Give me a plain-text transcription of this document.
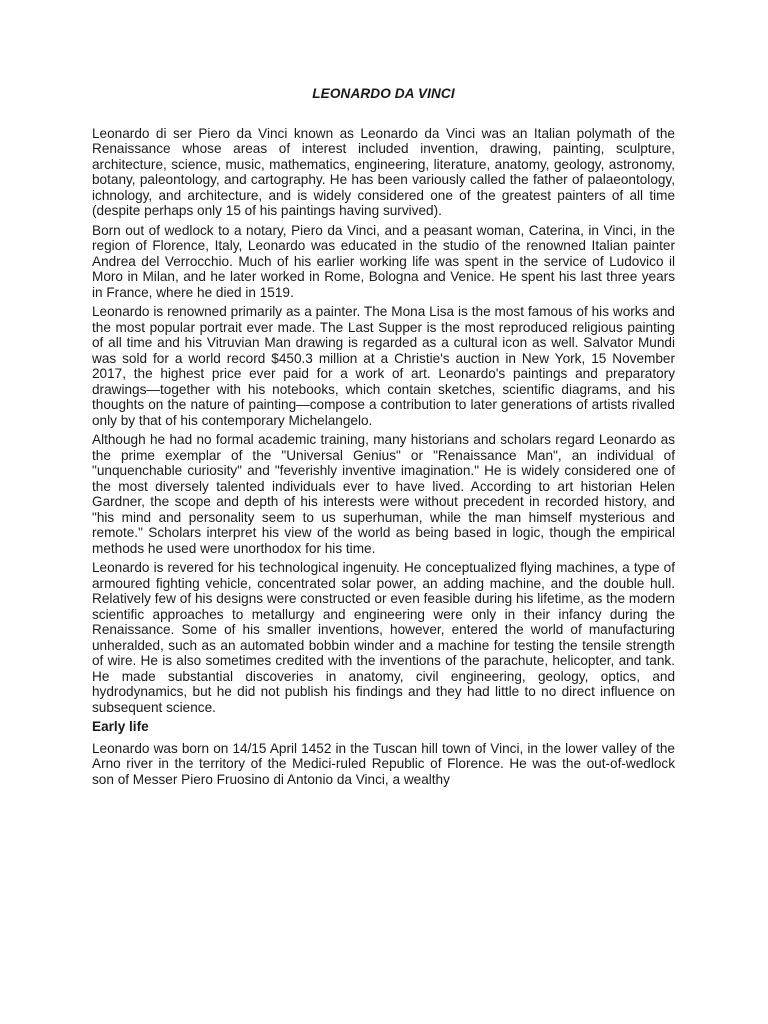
LEONARDO DA VINCI

Leonardo di ser Piero da Vinci known as Leonardo da Vinci was an Italian polymath of the Renaissance whose areas of interest included invention, drawing, painting, sculpture, architecture, science, music, mathematics, engineering, literature, anatomy, geology, astronomy, botany, paleontology, and cartography. He has been variously called the father of palaeontology, ichnology, and architecture, and is widely considered one of the greatest painters of all time (despite perhaps only 15 of his paintings having survived).

Born out of wedlock to a notary, Piero da Vinci, and a peasant woman, Caterina, in Vinci, in the region of Florence, Italy, Leonardo was educated in the studio of the renowned Italian painter Andrea del Verrocchio. Much of his earlier working life was spent in the service of Ludovico il Moro in Milan, and he later worked in Rome, Bologna and Venice. He spent his last three years in France, where he died in 1519.

Leonardo is renowned primarily as a painter. The Mona Lisa is the most famous of his works and the most popular portrait ever made. The Last Supper is the most reproduced religious painting of all time and his Vitruvian Man drawing is regarded as a cultural icon as well. Salvator Mundi was sold for a world record $450.3 million at a Christie's auction in New York, 15 November 2017, the highest price ever paid for a work of art. Leonardo's paintings and preparatory drawings—together with his notebooks, which contain sketches, scientific diagrams, and his thoughts on the nature of painting—compose a contribution to later generations of artists rivalled only by that of his contemporary Michelangelo.

Although he had no formal academic training, many historians and scholars regard Leonardo as the prime exemplar of the "Universal Genius" or "Renaissance Man", an individual of "unquenchable curiosity" and "feverishly inventive imagination." He is widely considered one of the most diversely talented individuals ever to have lived. According to art historian Helen Gardner, the scope and depth of his interests were without precedent in recorded history, and "his mind and personality seem to us superhuman, while the man himself mysterious and remote." Scholars interpret his view of the world as being based in logic, though the empirical methods he used were unorthodox for his time.

Leonardo is revered for his technological ingenuity. He conceptualized flying machines, a type of armoured fighting vehicle, concentrated solar power, an adding machine, and the double hull. Relatively few of his designs were constructed or even feasible during his lifetime, as the modern scientific approaches to metallurgy and engineering were only in their infancy during the Renaissance. Some of his smaller inventions, however, entered the world of manufacturing unheralded, such as an automated bobbin winder and a machine for testing the tensile strength of wire. He is also sometimes credited with the inventions of the parachute, helicopter, and tank. He made substantial discoveries in anatomy, civil engineering, geology, optics, and hydrodynamics, but he did not publish his findings and they had little to no direct influence on subsequent science.

Early life

Leonardo was born on 14/15 April 1452 in the Tuscan hill town of Vinci, in the lower valley of the Arno river in the territory of the Medici-ruled Republic of Florence. He was the out-of-wedlock son of Messer Piero Fruosino di Antonio da Vinci, a wealthy
